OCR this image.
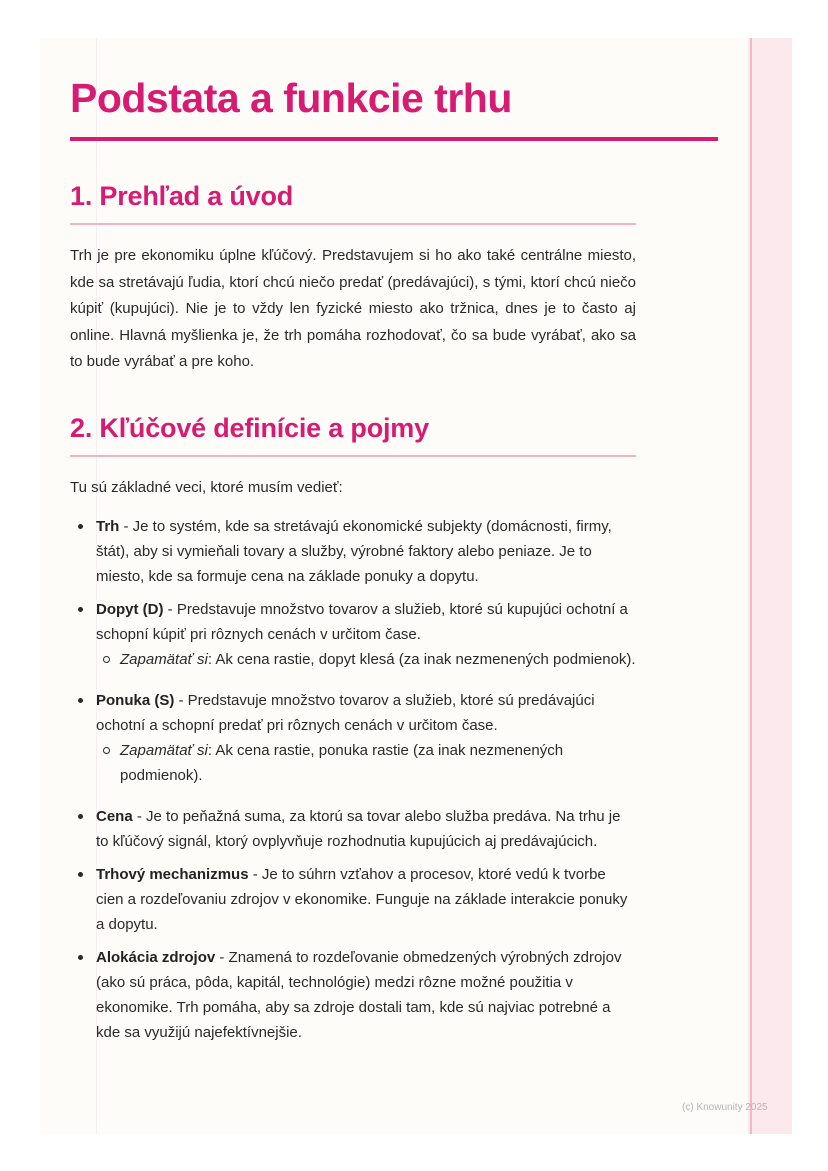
Podstata a funkcie trhu
1. Prehľad a úvod

Trh je pre ekonomiku úplne kľúčový. Predstavujem si ho ako také centrálne miesto, kde sa stretávajú ľudia, ktorí chcú niečo predať (predávajúci), s tými, ktorí chcú niečo kúpiť (kupujúci). Nie je to vždy len fyzické miesto ako tržnica, dnes je to často aj online. Hlavná myšlienka je, že trh pomáha rozhodovať, čo sa bude vyrábať, ako sa to bude vyrábať a pre koho.

2. Kľúčové definície a pojmy

Tu sú základné veci, ktoré musím vedieť:

Trh - Je to systém, kde sa stretávajú ekonomické subjekty (domácnosti, firmy, štát), aby si vymieňali tovary a služby, výrobné faktory alebo peniaze. Je to miesto, kde sa formuje cena na základe ponuky a dopytu.
Dopyt (D) - Predstavuje množstvo tovarov a služieb, ktoré sú kupujúci ochotní a schopní kúpiť pri rôznych cenách v určitom čase.
Zapamätať si: Ak cena rastie, dopyt klesá (za inak nezmenených podmienok).
Ponuka (S) - Predstavuje množstvo tovarov a služieb, ktoré sú predávajúci ochotní a schopní predať pri rôznych cenách v určitom čase.
Zapamätať si: Ak cena rastie, ponuka rastie (za inak nezmenených podmienok).
Cena - Je to peňažná suma, za ktorú sa tovar alebo služba predáva. Na trhu je to kľúčový signál, ktorý ovplyvňuje rozhodnutia kupujúcich aj predávajúcich.
Trhový mechanizmus - Je to súhrn vzťahov a procesov, ktoré vedú k tvorbe cien a rozdeľovaniu zdrojov v ekonomike. Funguje na základe interakcie ponuky a dopytu.
Alokácia zdrojov - Znamená to rozdeľovanie obmedzených výrobných zdrojov (ako sú práca, pôda, kapitál, technológie) medzi rôzne možné použitia v ekonomike. Trh pomáha, aby sa zdroje dostali tam, kde sú najviac potrebné a kde sa využijú najefektívnejšie.
(c) Knowunity 2025
